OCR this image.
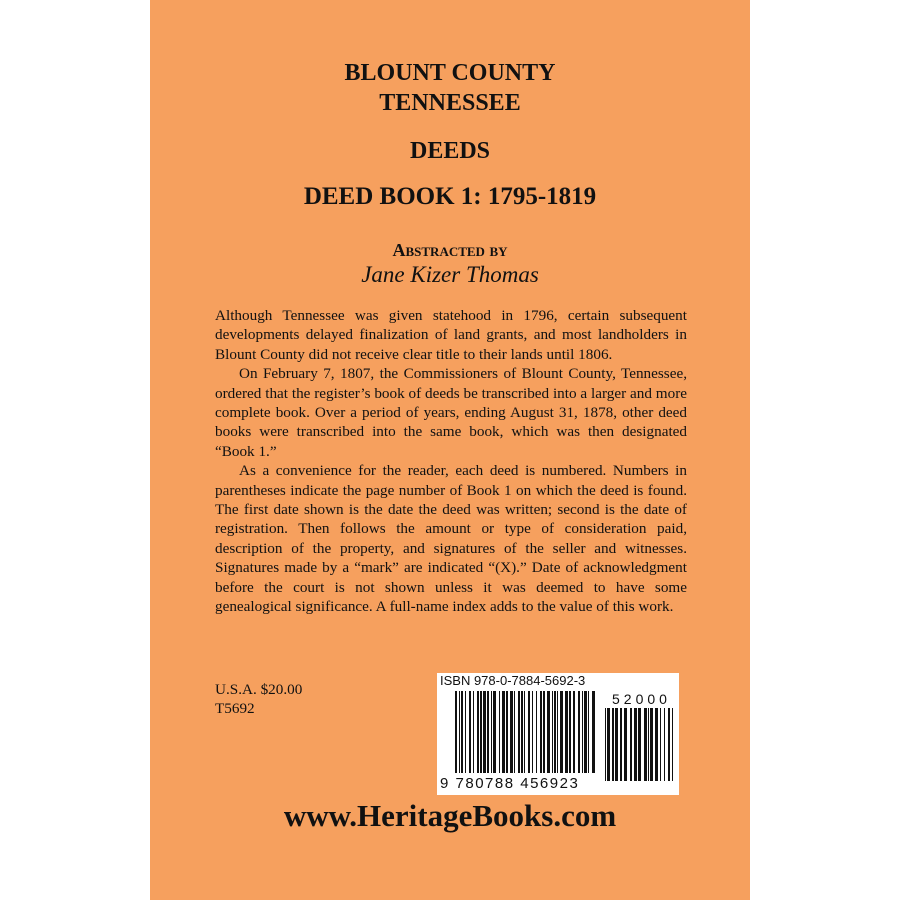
BLOUNT COUNTY
TENNESSEE
DEEDS
DEED BOOK 1: 1795-1819
Abstracted by
Jane Kizer Thomas

Although Tennessee was given statehood in 1796, certain subsequent developments delayed finalization of land grants, and most landholders in Blount County did not receive clear title to their lands until 1806.

On February 7, 1807, the Commissioners of Blount County, Tennessee, ordered that the register’s book of deeds be transcribed into a larger and more complete book. Over a period of years, ending August 31, 1878, other deed books were transcribed into the same book, which was then designated “Book 1.”

As a convenience for the reader, each deed is numbered. Numbers in parentheses indicate the page number of Book 1 on which the deed is found. The first date shown is the date the deed was written; second is the date of registration. Then follows the amount or type of consideration paid, description of the property, and signatures of the seller and witnesses. Signatures made by a “mark” are indicated “(X).” Date of acknowledgment before the court is not shown unless it was deemed to have some genealogical significance. A full-name index adds to the value of this work.

U.S.A. $20.00
T5692
ISBN 978-0-7884-5692-3
52000
9 780788 456923
www.HeritageBooks.com
